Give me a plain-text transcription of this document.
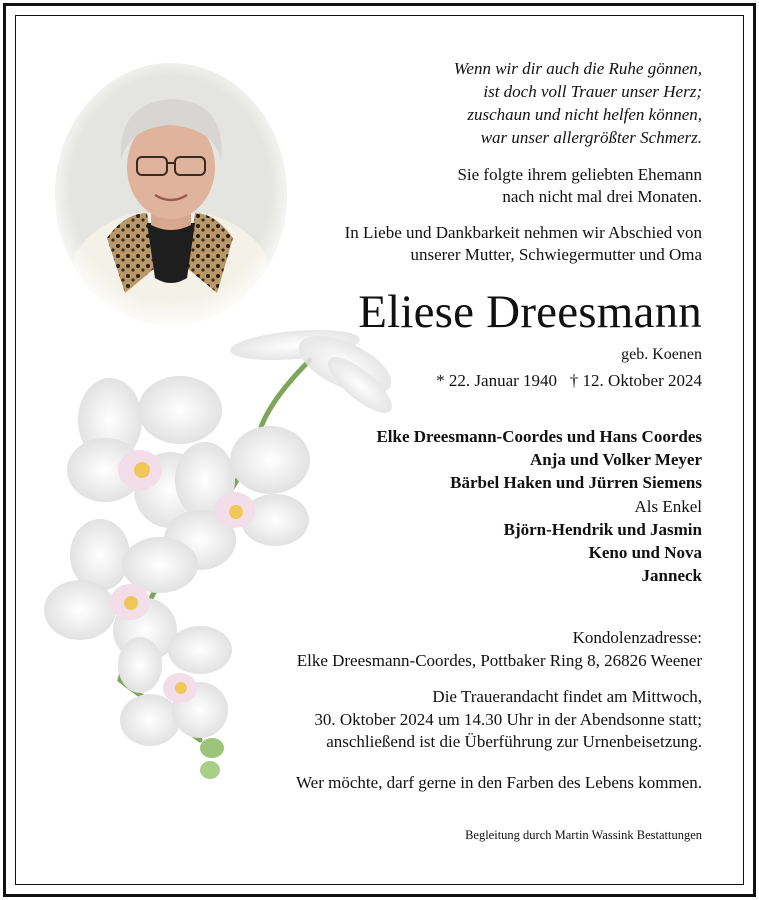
Wenn wir dir auch die Ruhe gönnen,
ist doch voll Trauer unser Herz;
zuschaun und nicht helfen können,
war unser allergrößter Schmerz.
Sie folgte ihrem geliebten Ehemann
nach nicht mal drei Monaten.
In Liebe und Dankbarkeit nehmen wir Abschied von
unserer Mutter, Schwiegermutter und Oma
Eliese Dreesmann
geb. Koenen
* 22. Januar 1940   † 12. Oktober 2024
Elke Dreesmann-Coordes und Hans Coordes
Anja und Volker Meyer
Bärbel Haken und Jürren Siemens
Als Enkel
Björn-Hendrik und Jasmin
Keno und Nova
Janneck
Kondolenzadresse:
Elke Dreesmann-Coordes, Pottbaker Ring 8, 26826 Weener
Die Trauerandacht findet am Mittwoch,
30. Oktober 2024 um 14.30 Uhr in der Abendsonne statt;
anschließend ist die Überführung zur Urnenbeisetzung.
Wer möchte, darf gerne in den Farben des Lebens kommen.
Begleitung durch Martin Wassink Bestattungen
